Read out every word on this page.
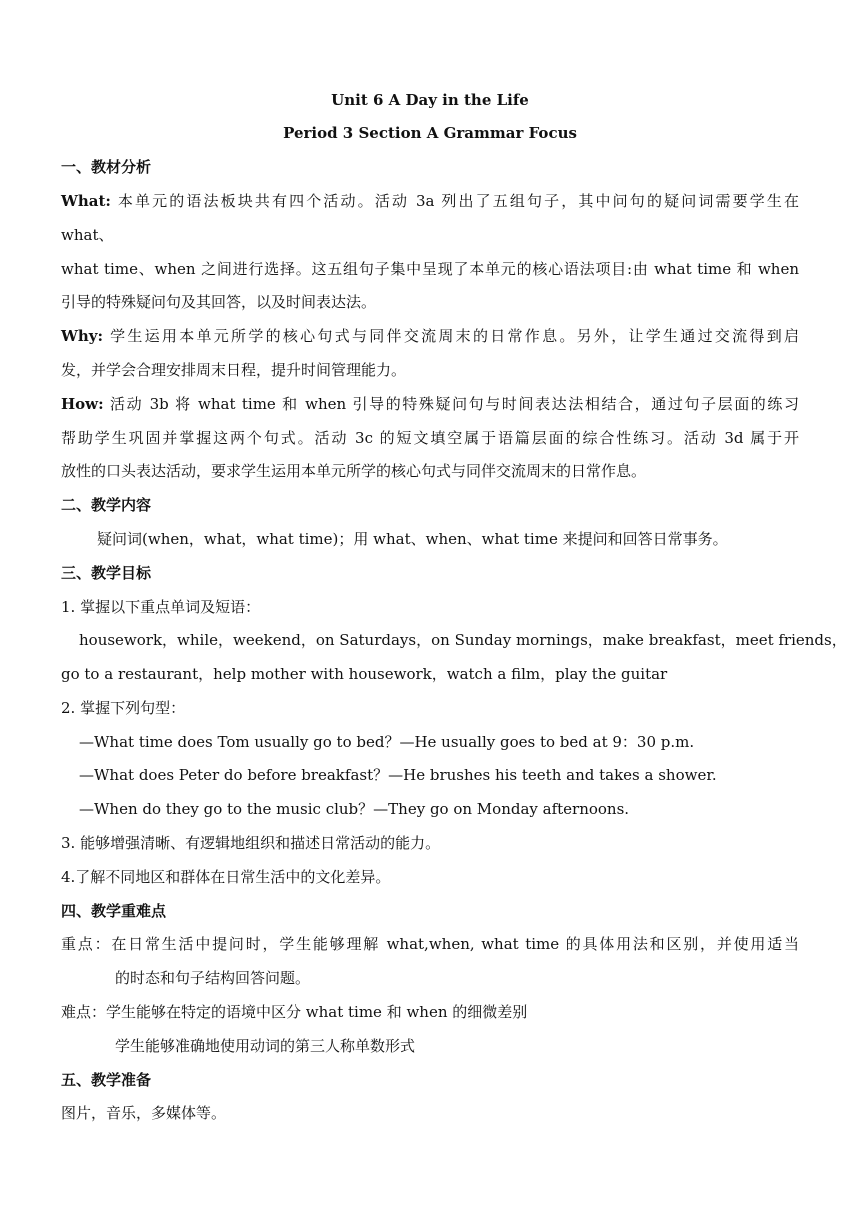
Unit 6 A Day in the Life
Period 3 Section A Grammar Focus
一、教材分析
What: 本单元的语法板块共有四个活动。活动 3a 列出了五组句子，其中问句的疑问词需要学生在
what、
what time、when 之间进行选择。这五组句子集中呈现了本单元的核心语法项目:由 what time 和 when
引导的特殊疑问句及其回答，以及时间表达法。
Why: 学生运用本单元所学的核心句式与同伴交流周末的日常作息。另外，让学生通过交流得到启
发，并学会合理安排周末日程，提升时间管理能力。
How: 活动 3b 将 what time 和 when 引导的特殊疑问句与时间表达法相结合，通过句子层面的练习
帮助学生巩固并掌握这两个句式。活动 3c 的短文填空属于语篇层面的综合性练习。活动 3d 属于开
放性的口头表达活动，要求学生运用本单元所学的核心句式与同伴交流周末的日常作息。
二、教学内容
疑问词(when，what，what time)；用 what、when、what time 来提问和回答日常事务。
三、教学目标
1. 掌握以下重点单词及短语：
housework，while，weekend，on Saturdays，on Sunday mornings，make breakfast，meet friends，
go to a restaurant，help mother with housework，watch a film，play the guitar
2. 掌握下列句型：
—What time does Tom usually go to bed？—He usually goes to bed at 9：30 p.m.
—What does Peter do before breakfast？—He brushes his teeth and takes a shower.
—When do they go to the music club？—They go on Monday afternoons.
3. 能够增强清晰、有逻辑地组织和描述日常活动的能力。
4.了解不同地区和群体在日常生活中的文化差异。
四、教学重难点
重点：在日常生活中提问时，学生能够理解 what,when, what time 的具体用法和区别，并使用适当
的时态和句子结构回答问题。
难点：学生能够在特定的语境中区分 what time 和 when 的细微差别
学生能够准确地使用动词的第三人称单数形式
五、教学准备
图片，音乐，多媒体等。
